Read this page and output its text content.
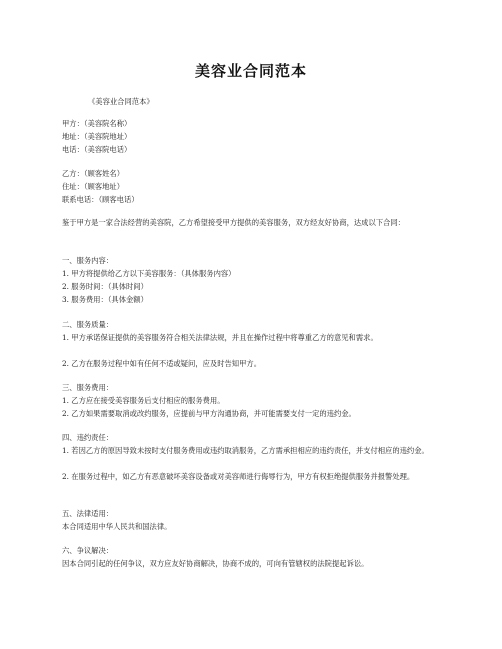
美容业合同范本
《美容业合同范本》
甲方：（美容院名称）
地址：（美容院地址）
电话：（美容院电话）
乙方：（顾客姓名）
住址：（顾客地址）
联系电话：（顾客电话）
鉴于甲方是一家合法经营的美容院，乙方希望接受甲方提供的美容服务，双方经友好协商，达成以下合同：
一、服务内容：
1. 甲方将提供给乙方以下美容服务：（具体服务内容）
2. 服务时间：（具体时间）
3. 服务费用：（具体金额）
二、服务质量：
1. 甲方承诺保证提供的美容服务符合相关法律法规，并且在操作过程中将尊重乙方的意见和需求。
2. 乙方在服务过程中如有任何不适或疑问，应及时告知甲方。
三、服务费用：
1. 乙方应在接受美容服务后支付相应的服务费用。
2. 乙方如果需要取消或改约服务，应提前与甲方沟通协商，并可能需要支付一定的违约金。
四、违约责任：
1. 若因乙方的原因导致未按时支付服务费用或违约取消服务，乙方需承担相应的违约责任，并支付相应的违约金。
2. 在服务过程中，如乙方有恶意破坏美容设备或对美容师进行侮辱行为，甲方有权拒绝提供服务并报警处理。
五、法律适用：
本合同适用中华人民共和国法律。
六、争议解决：
因本合同引起的任何争议，双方应友好协商解决，协商不成的，可向有管辖权的法院提起诉讼。
